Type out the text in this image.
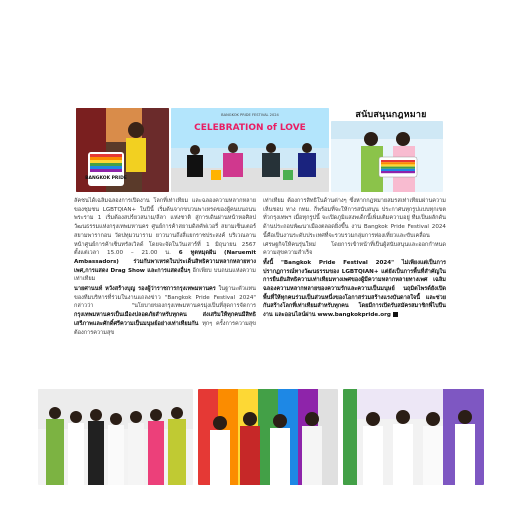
BANGKOK PRIDE
BANGKOK PRIDE FESTIVAL 2024
CELEBRATION of LOVE
สนับสนุนกฎหมาย

ลัคชนได้เฉลิมฉลองการเปิดงาน โลกที่เท่าเทียม และฉลองความหลากหลายของชุมชน LGBTQIAN+ ในปีนี้ เริ่มต้นจากขบวนพาเหรดของผู้คนบนถนนพระราม 1 เริ่มต้องสปร์ยวสนาม/ลีลา แห่งชาติ สู่การเดินผ่านหน้าหอศิลปวัฒนธรรมแห่งกรุงเทพมหานคร ศูนย์การค้าสยามดิสคัฟเวอรี่ สยามเซ็นเตอร์ สยามพารากอน วัดปทุมวนาราม ยาวนานถึงสี่แยกราชประสงค์ บริเวณลานหน้าศูนย์การค้าเซ็นทรัลเวิลด์ โดยจะจัดในวันเสาร์ที่ 1 มิถุนายน 2567 ตั้งแต่เวลา 15.00 – 21.00 น. 6 ทูตหมุดฝัน (Naruemit Ambassadors) ร่วมกันพาเหรดในประเด็นสิทธิความหลากหลายทางเพศ,การแสดง Drag Show และการแสดงอื่นๆ อีกเพียบ บนถนนแห่งความเท่าเทียม

นายศานนท์ หวังสร้างบุญ รองผู้ว่าราชการกรุงเทพมหานคร ในฐานะตัวแทนของทีมบริหารที่ร่วมในงานแถลงข่าว "Bangkok Pride Festival 2024" กล่าวว่า "นโยบายของกรุงเทพมหานครมุ่งเป็นที่สุดการจัดการ กรุงเทพมหานครเป็นเมืองปลอดภัยสำหรับทุกคน ส่งเสริมให้ทุกคนมีสิทธิเสรีภาพและศักดิ์ศรีความเป็นมนุษย์อย่างเท่าเทียมกัน ทุกๆ ครั้งการความสุข ต้องการความสุข

เท่าเทียม ต้องการสิทธิในด้านต่างๆ ซึ่งหากกฎหมายสมรสเท่าเทียมผ่านความเห็นชอบ ทาง กทม. ก็พร้อมที่จะให้การสนับสนุน ประกาศนทุกรูปแบบทุกเขตทั่วกรุงเทพฯ เมื่อทุกรูปนี้ จะเปิดภูมิแสงพเด็กนี้เพิ่มเติมความอยู่ ทีมเป็นผลักดันด้านประถอบพัฒนาเมืองตลอดยิ่งขึ้น งาน Bangkok Pride Festival 2024 นี้คือเป็นงานระดับประเทศที่จะรวบรวมกลุ่มการท่องเที่ยวและขับเคลื่อนเศรษฐกิจให้คนรุ่นใหม่ โดยการเข้าหน้าที่เป็นผู้สนับสนุนและออกกำหนดความสุขความสำเร็จ

ทั้งนี้ "Bangkok Pride Festival 2024" ไม่เพียงแต่เป็นการปรากฏการณ์ทางวัฒนธรรมของ LGBTQIAN+ แต่ยังเป็นการพื้นที่สำคัญในการยืนยันสิทธิความเท่าเทียมทางเพศของผู้มีความหลากหลายทางเพศ เฉลิมฉลองความหลากหลายของความรักและความเป็นมนุษย์ นฤมิตไพรด์ยังเปิดพื้นที่ให้ทุกคนร่วมเป็นส่วนหนึ่งของโอกาสร่วมสร้างแรงบันดาลใจนี้ และช่วยกันสร้างโลกที่เท่าเทียมสำหรับทุกคน โดยมีการเปิดรับสมัครสมาชิกพี่ไบปีนงาน และออนไลน์ผ่าน www.bangkokpride.org
